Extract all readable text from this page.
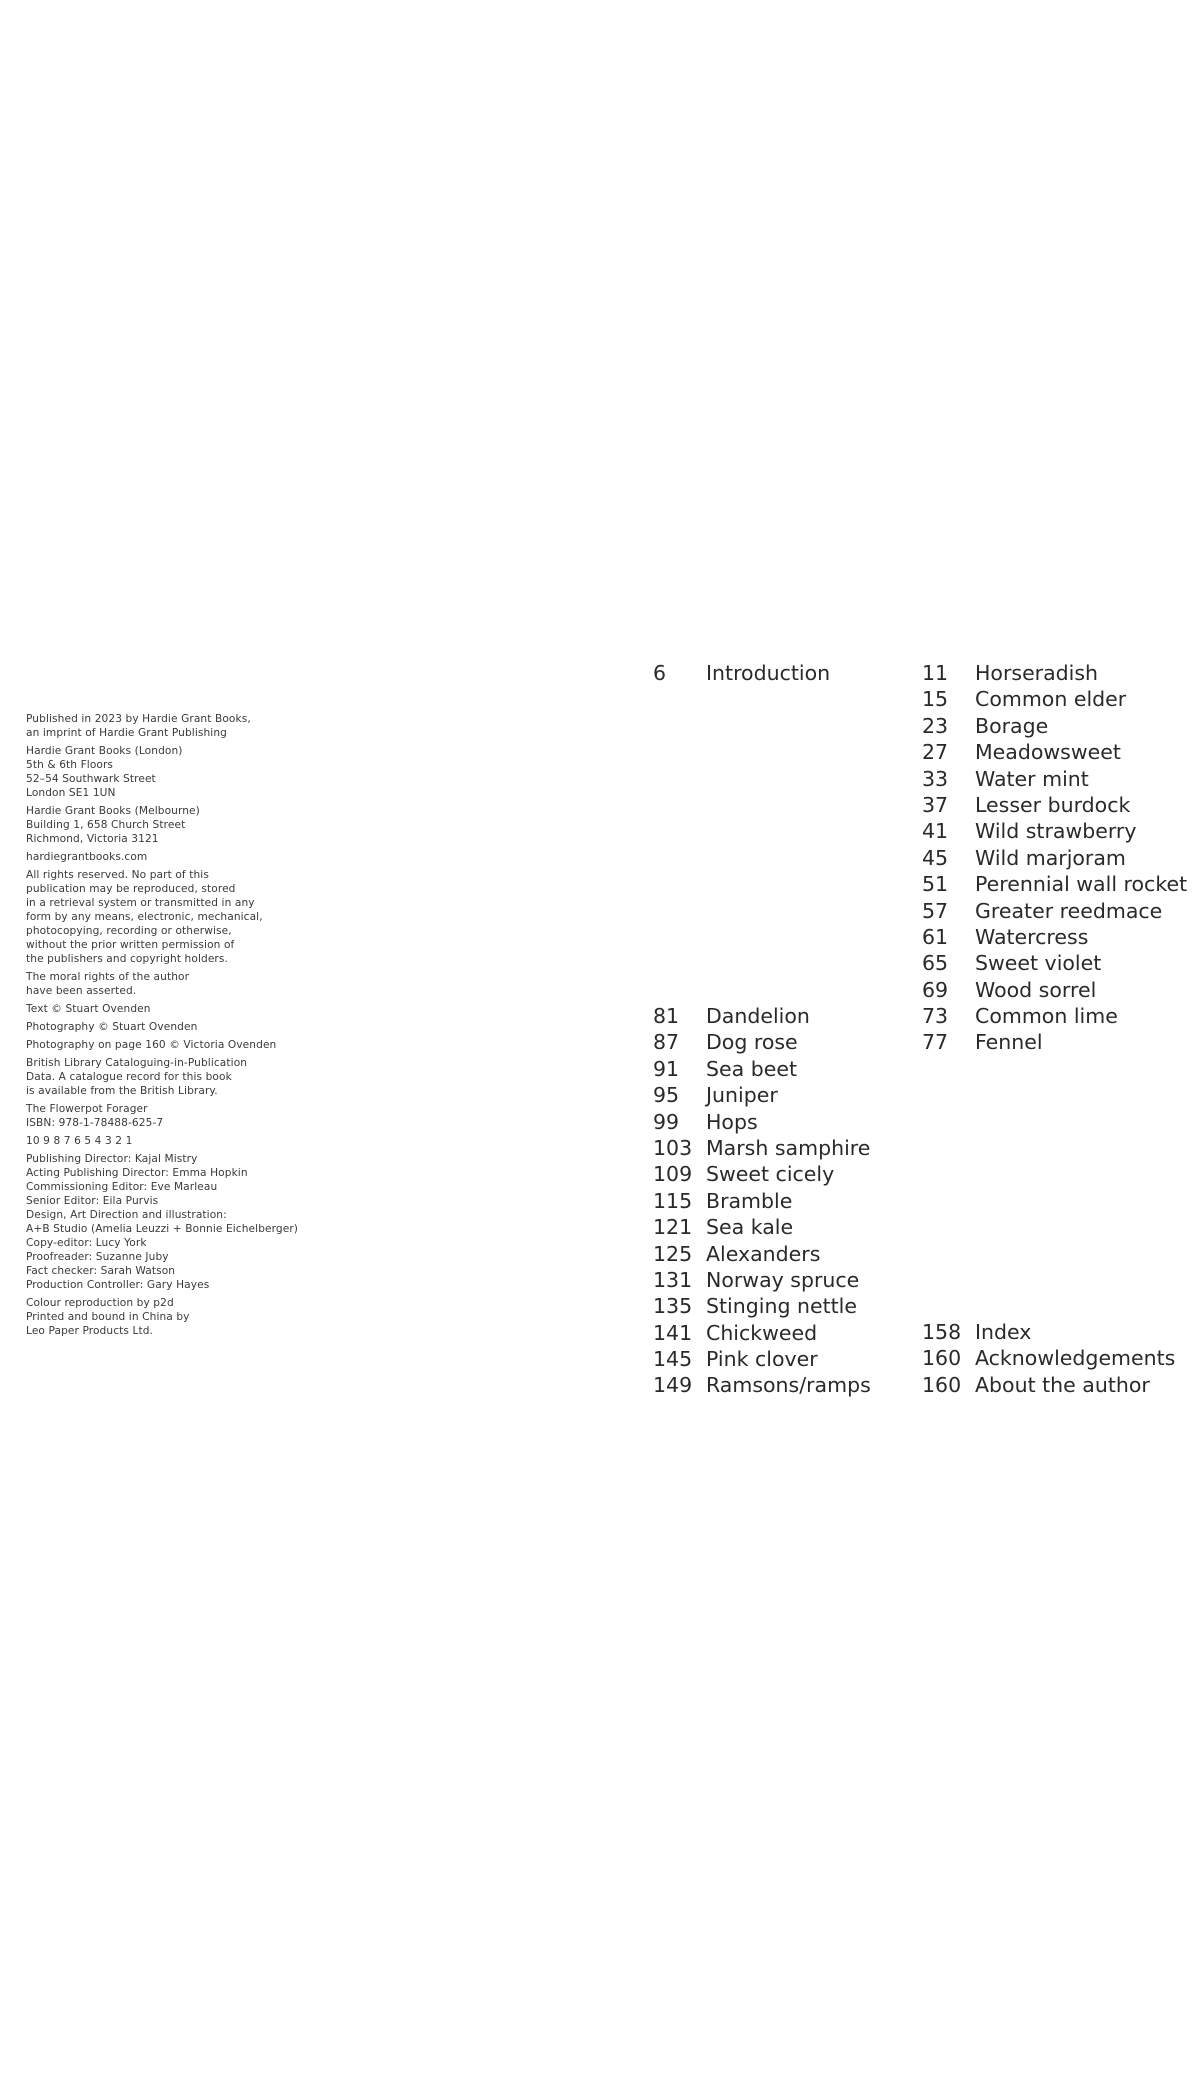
Published in 2023 by Hardie Grant Books,
an imprint of Hardie Grant Publishing
Hardie Grant Books (London)
5th & 6th Floors
52–54 Southwark Street
London SE1 1UN
Hardie Grant Books (Melbourne)
Building 1, 658 Church Street
Richmond, Victoria 3121
hardiegrantbooks.com
All rights reserved. No part of this
publication may be reproduced, stored
in a retrieval system or transmitted in any
form by any means, electronic, mechanical,
photocopying, recording or otherwise,
without the prior written permission of
the publishers and copyright holders.
The moral rights of the author
have been asserted.
Text © Stuart Ovenden
Photography © Stuart Ovenden
Photography on page 160 © Victoria Ovenden
British Library Cataloguing-in-Publication
Data. A catalogue record for this book
is available from the British Library.
The Flowerpot Forager
ISBN: 978-1-78488-625-7
10 9 8 7 6 5 4 3 2 1
Publishing Director: Kajal Mistry
Acting Publishing Director: Emma Hopkin
Commissioning Editor: Eve Marleau
Senior Editor: Eila Purvis
Design, Art Direction and illustration:
A+B Studio (Amelia Leuzzi + Bonnie Eichelberger)
Copy-editor: Lucy York
Proofreader: Suzanne Juby
Fact checker: Sarah Watson
Production Controller: Gary Hayes
Colour reproduction by p2d
Printed and bound in China by
Leo Paper Products Ltd.
6 Introduction
81 Dandelion
87 Dog rose
91 Sea beet
95 Juniper
99 Hops
103 Marsh samphire
109 Sweet cicely
115 Bramble
121 Sea kale
125 Alexanders
131 Norway spruce
135 Stinging nettle
141 Chickweed
145 Pink clover
149 Ramsons/ramps
11 Horseradish
15 Common elder
23 Borage
27 Meadowsweet
33 Water mint
37 Lesser burdock
41 Wild strawberry
45 Wild marjoram
51 Perennial wall rocket
57 Greater reedmace
61 Watercress
65 Sweet violet
69 Wood sorrel
73 Common lime
77 Fennel
158 Index
160 Acknowledgements
160 About the author
